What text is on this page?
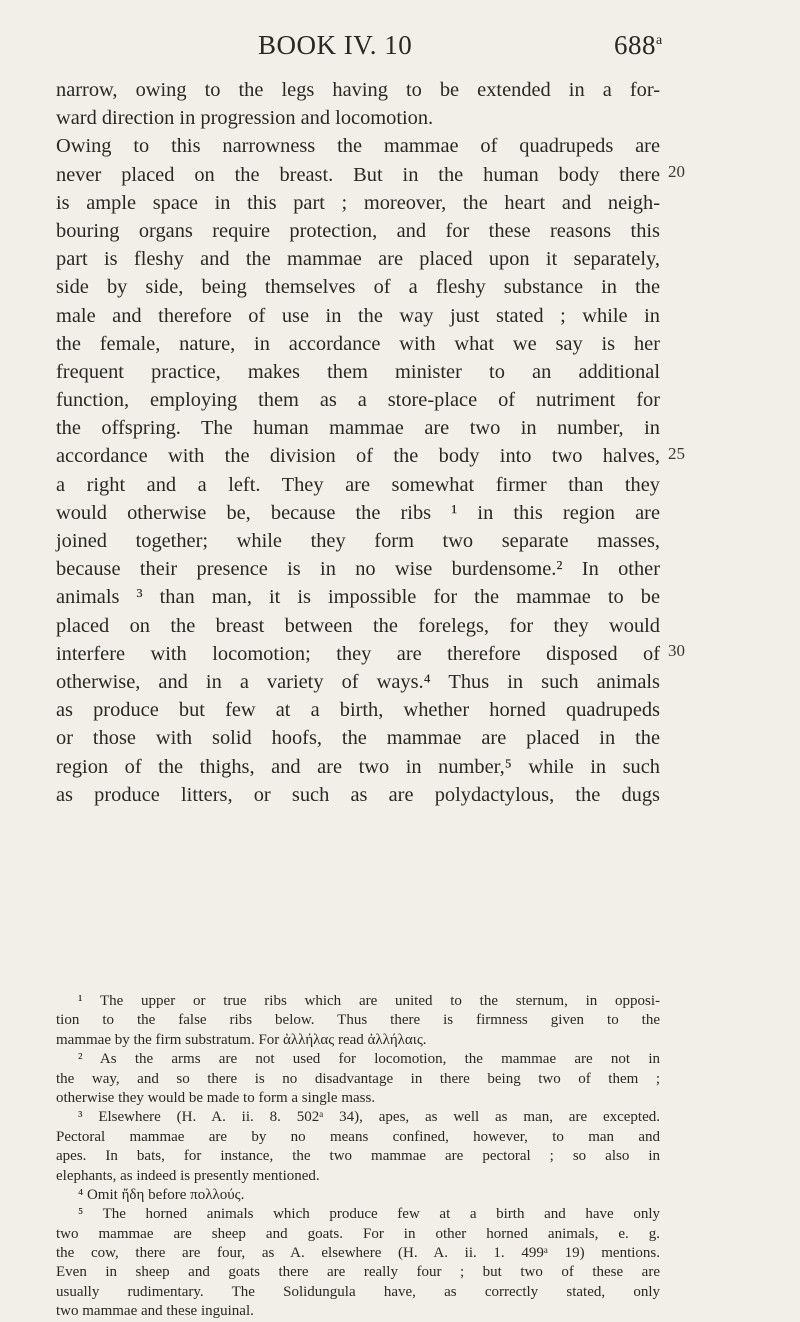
BOOK IV. 10	688$^a$
20
25
30
narrow, owing to the legs having to be extended in a for-
ward direction in progression and locomotion.
Owing to this narrowness the mammae of quadrupeds are
never placed on the breast. But in the human body there
is ample space in this part ; moreover, the heart and neigh-
bouring organs require protection, and for these reasons this
part is fleshy and the mammae are placed upon it separately,
side by side, being themselves of a fleshy substance in the
male and therefore of use in the way just stated ; while in
the female, nature, in accordance with what we say is her
frequent practice, makes them minister to an additional
function, employing them as a store-place of nutriment for
the offspring. The human mammae are two in number, in
accordance with the division of the body into two halves,
a right and a left. They are somewhat firmer than they
would otherwise be, because the ribs ¹ in this region are
joined together; while they form two separate masses,
because their presence is in no wise burdensome.² In other
animals ³ than man, it is impossible for the mammae to be
placed on the breast between the forelegs, for they would
interfere with locomotion; they are therefore disposed of
otherwise, and in a variety of ways.⁴ Thus in such animals
as produce but few at a birth, whether horned quadrupeds
or those with solid hoofs, the mammae are placed in the
region of the thighs, and are two in number,⁵ while in such
as produce litters, or such as are polydactylous, the dugs
¹ The upper or true ribs which are united to the sternum, in opposi-
tion to the false ribs below. Thus there is firmness given to the
mammae by the firm substratum. For ἀλλήλας read ἀλλήλαις.
² As the arms are not used for locomotion, the mammae are not in
the way, and so there is no disadvantage in there being two of them ;
otherwise they would be made to form a single mass.
³ Elsewhere (H. A. ii. 8. 502ᵃ 34), apes, as well as man, are excepted.
Pectoral mammae are by no means confined, however, to man and
apes. In bats, for instance, the two mammae are pectoral ; so also in
elephants, as indeed is presently mentioned.
⁴ Omit ἤδη before πολλούς.
⁵ The horned animals which produce few at a birth and have only
two mammae are sheep and goats. For in other horned animals, e. g.
the cow, there are four, as A. elsewhere (H. A. ii. 1. 499ᵃ 19) mentions.
Even in sheep and goats there are really four ; but two of these are
usually rudimentary. The Solidungula have, as correctly stated, only
two mammae and these inguinal.
